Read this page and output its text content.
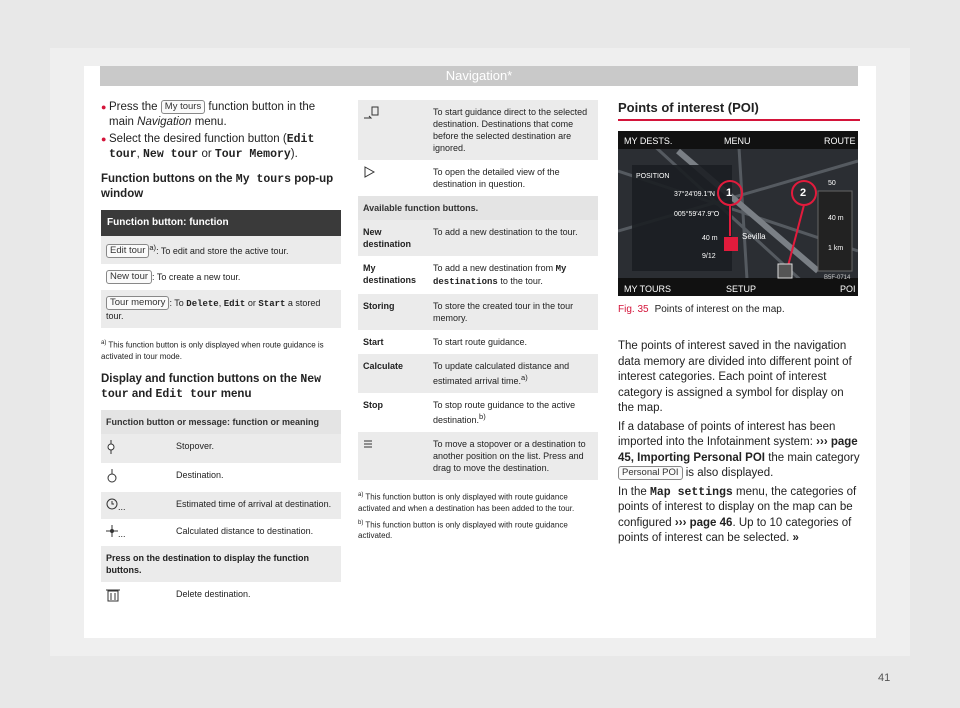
Navigation*
● Press the My tours function button in the main Navigation menu.
● Select the desired function button (Edit tour, New tour or Tour Memory).
Function buttons on the My tours pop-up window
Function button: function
Edit tour $^{a)}$: To edit and store the active tour.
New tour : To create a new tour.
Tour memory : To Delete, Edit or Start a stored tour.
$^{a)}$ This function button is only displayed when route guidance is activated in tour mode.
Display and function buttons on the New tour and Edit tour menu
Function button or message: function or meaning	
	Stopover.
	Destination.
...	Estimated time of arrival at destination.
...	Calculated distance to destination.
Press on the destination to display the function buttons.	
	Delete destination.
	To start guidance direct to the selected destination. Destinations that come before the selected destination are ignored.
	To open the detailed view of the destination in question.
Available function buttons.	
New destination	To add a new destination to the tour.
My destinations	To add a new destination from My destinations to the tour.
Storing	To store the created tour in the tour memory.
Start	To start route guidance.
Calculate	To update calculated distance and estimated arrival time.$^{a)}$
Stop	To stop route guidance to the active destination.$^{b)}$
	To move a stopover or a destination to another position on the list. Press and drag to move the destination.
$^{a)}$ This function button is only displayed with route guidance activated and when a destination has been added to the tour.
$^{b)}$ This function button is only displayed with route guidance activated.
Points of interest (POI)
MY DESTS.	MENU	ROUTE
MY TOURS	SETUP	POI
POSITION
37°24'09.1"N
005°59'47.9"O
40 m
9/12
Sevilla
1	2
50
40 m
1 km
B5F-0714
Fig. 35 Points of interest on the map.

The points of interest saved in the navigation data memory are divided into different point of interest categories. Each point of interest category is assigned a symbol for display on the map.

If a database of points of interest has been imported into the Infotainment system: ››› page 45, Importing Personal POI the main category Personal POI is also displayed.

In the Map settings menu, the categories of points of interest to display on the map can be configured ››› page 46. Up to 10 categories of points of interest can be selected. »

41
